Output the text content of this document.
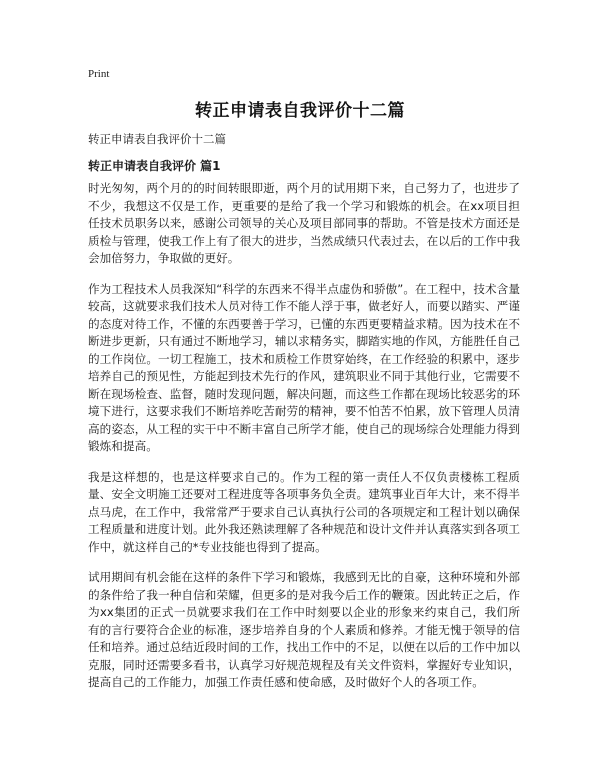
Print
转正申请表自我评价十二篇

转正申请表自我评价十二篇

转正申请表自我评价 篇1

时光匆匆，两个月的的时间转眼即逝，两个月的试用期下来，自己努力了，也进步了不少，我想这不仅是工作，更重要的是给了我一个学习和锻炼的机会。在xx项目担任技术员职务以来，感谢公司领导的关心及项目部同事的帮助。不管是技术方面还是质检与管理，使我工作上有了很大的进步，当然成绩只代表过去，在以后的工作中我会加倍努力，争取做的更好。

作为工程技术人员我深知“科学的东西来不得半点虚伪和骄傲”。在工程中，技术含量较高，这就要求我们技术人员对待工作不能人浮于事，做老好人，而要以踏实、严谨的态度对待工作，不懂的东西要善于学习，已懂的东西更要精益求精。因为技术在不断进步更新，只有通过不断地学习，辅以求精务实，脚踏实地的作风，方能胜任自己的工作岗位。一切工程施工，技术和质检工作贯穿始终，在工作经验的积累中，逐步培养自己的预见性，方能起到技术先行的作风，建筑职业不同于其他行业，它需要不断在现场检查、监督，随时发现问题，解决问题，而这些工作都在现场比较恶劣的环境下进行，这要求我们不断培养吃苦耐劳的精神，要不怕苦不怕累，放下管理人员清高的姿态，从工程的实干中不断丰富自己所学才能，使自己的现场综合处理能力得到锻炼和提高。

我是这样想的，也是这样要求自己的。作为工程的第一责任人不仅负责楼栋工程质量、安全文明施工还要对工程进度等各项事务负全责。建筑事业百年大计，来不得半点马虎，在工作中，我常常严于要求自己认真执行公司的各项规定和工程计划以确保工程质量和进度计划。此外我还熟读理解了各种规范和设计文件并认真落实到各项工作中，就这样自己的*专业技能也得到了提高。

试用期间有机会能在这样的条件下学习和锻炼，我感到无比的自豪，这种环境和外部的条件给了我一种自信和荣耀，但更多的是对我今后工作的鞭策。因此转正之后，作为xx集团的正式一员就要求我们在工作中时刻要以企业的形象来约束自己，我们所有的言行要符合企业的标准，逐步培养自身的个人素质和修养。才能无愧于领导的信任和培养。通过总结近段时间的工作，找出工作中的不足，以便在以后的工作中加以克服，同时还需要多看书，认真学习好规范规程及有关文件资料，掌握好专业知识，提高自己的工作能力，加强工作责任感和使命感，及时做好个人的各项工作。
